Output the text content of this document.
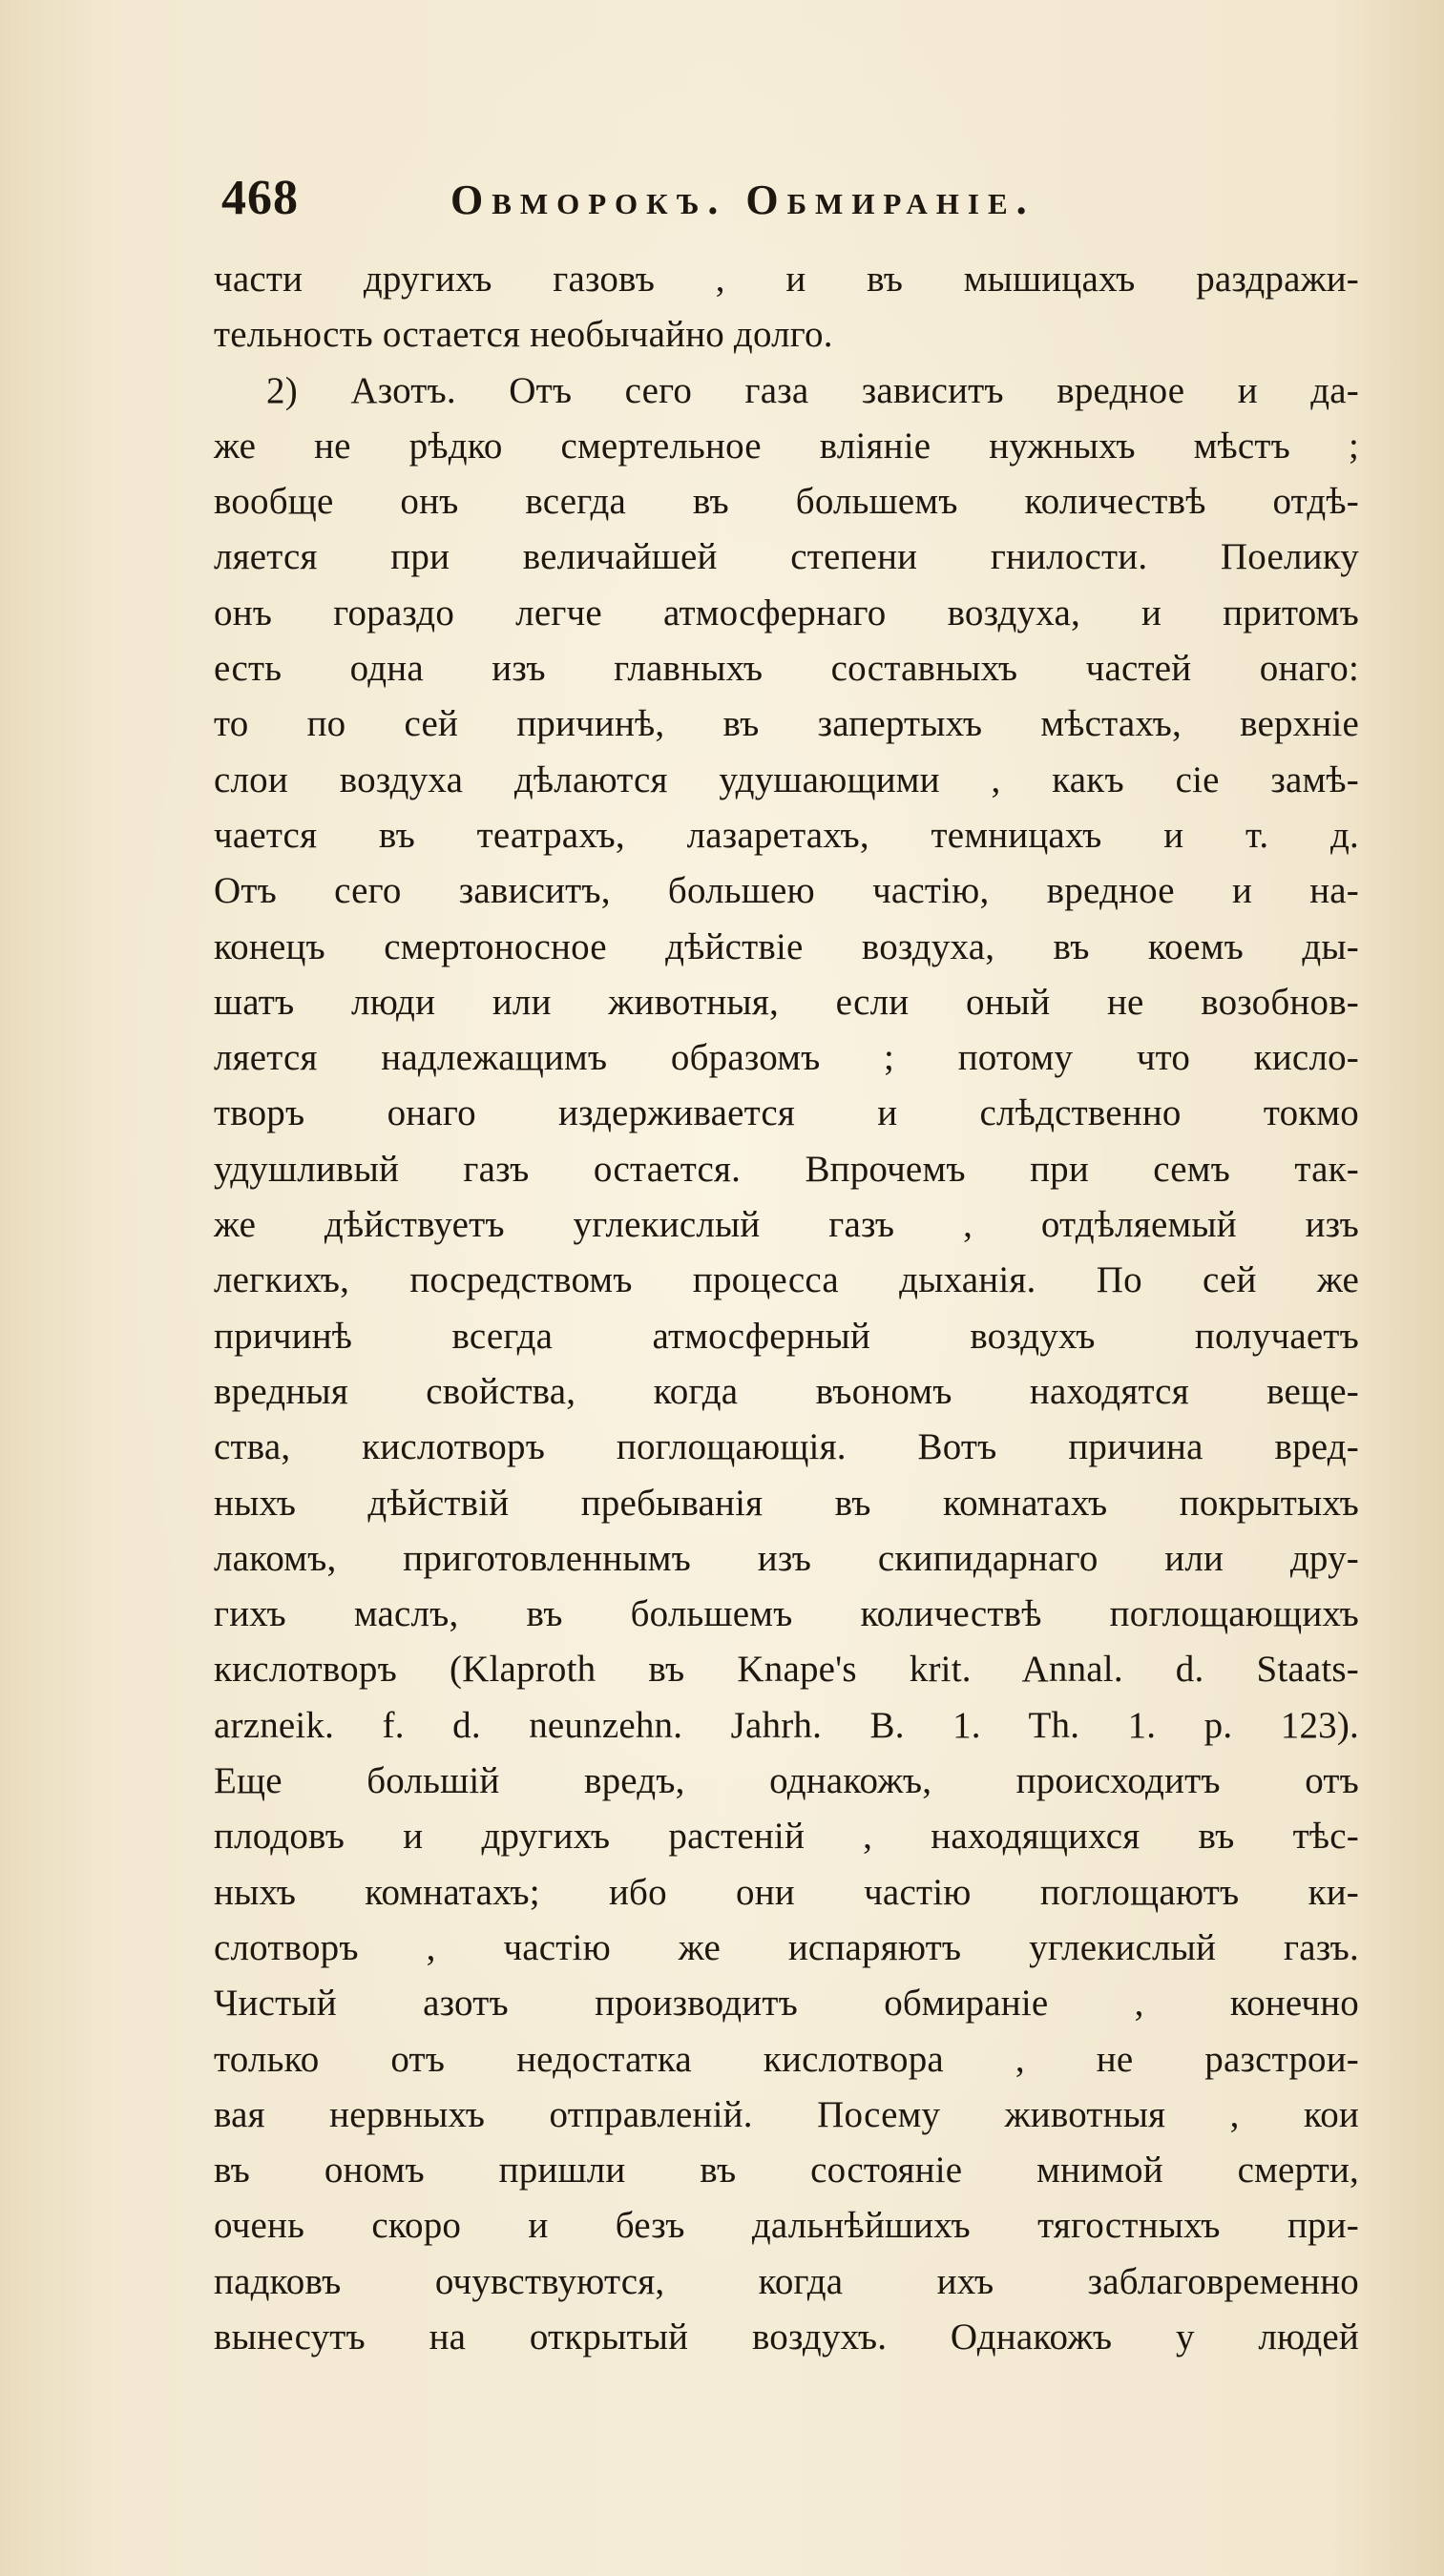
468	Овморокъ. Обмиранie.
части другихъ газовъ , и въ мышицахъ раздражи-
тельность остается необычайно долго.
2) Азотъ. Отъ сего газа зависитъ вредное и да-
же не рѣдко смертельное влiянie нужныхъ мѣстъ ;
вообще онъ всегда въ большемъ количествѣ отдѣ-
ляется при величайшей степени гнилости. Поелику
онъ гораздо легче атмосфернаго воздуха, и притомъ
есть одна изъ главныхъ составныхъ частей онаго:
то по сей причинѣ, въ запертыхъ мѣстахъ, верхнiе
слои воздуха дѣлаются удушающими , какъ сie замѣ-
чается въ театрахъ, лазаретахъ, темницахъ и т. д.
Отъ сего зависитъ, большею частiю, вредное и на-
конецъ смертоносное дѣйствie воздуха, въ коемъ ды-
шатъ люди или животныя, если оный не возобнов-
ляется надлежащимъ образомъ ; потому что кисло-
творъ онаго издерживается и слѣдственно токмо
удушливый газъ остается. Впрочемъ при семъ так-
же дѣйствуетъ углекислый газъ , отдѣляемый изъ
легкихъ, посредствомъ процесса дыханiя. По сей же
причинѣ всегда атмосферный воздухъ получаетъ
вредныя свойства, когда въономъ находятся веще-
ства, кислотворъ поглощающiя. Вотъ причина вред-
ныхъ дѣйствiй пребыванiя въ комнатахъ покрытыхъ
лакомъ, приготовленнымъ изъ скипидарнаго или дру-
гихъ маслъ, въ большемъ количествѣ поглощающихъ
кислотворъ (Klaproth въ Knape's krit. Annal. d. Staats-
arzneik. f. d. neunzehn. Jahrh. B. 1. Th. 1. p. 123).
Еще большiй вредъ, однакожъ, происходитъ отъ
плодовъ и другихъ растенiй , находящихся въ тѣс-
ныхъ комнатахъ; ибо они частiю поглощаютъ ки-
слотворъ , частiю же испаряютъ углекислый газъ.
Чистый азотъ производитъ обмиранie , конечно
только отъ недостатка кислотвора , не разстрои-
вая нервныхъ отправленiй. Посему животныя , кои
въ ономъ пришли въ состоянie мнимой смерти,
очень скоро и безъ дальнѣйшихъ тягостныхъ при-
падковъ очувствуются, когда ихъ заблаговременно
вынесутъ на открытый воздухъ. Однакожъ у людей
